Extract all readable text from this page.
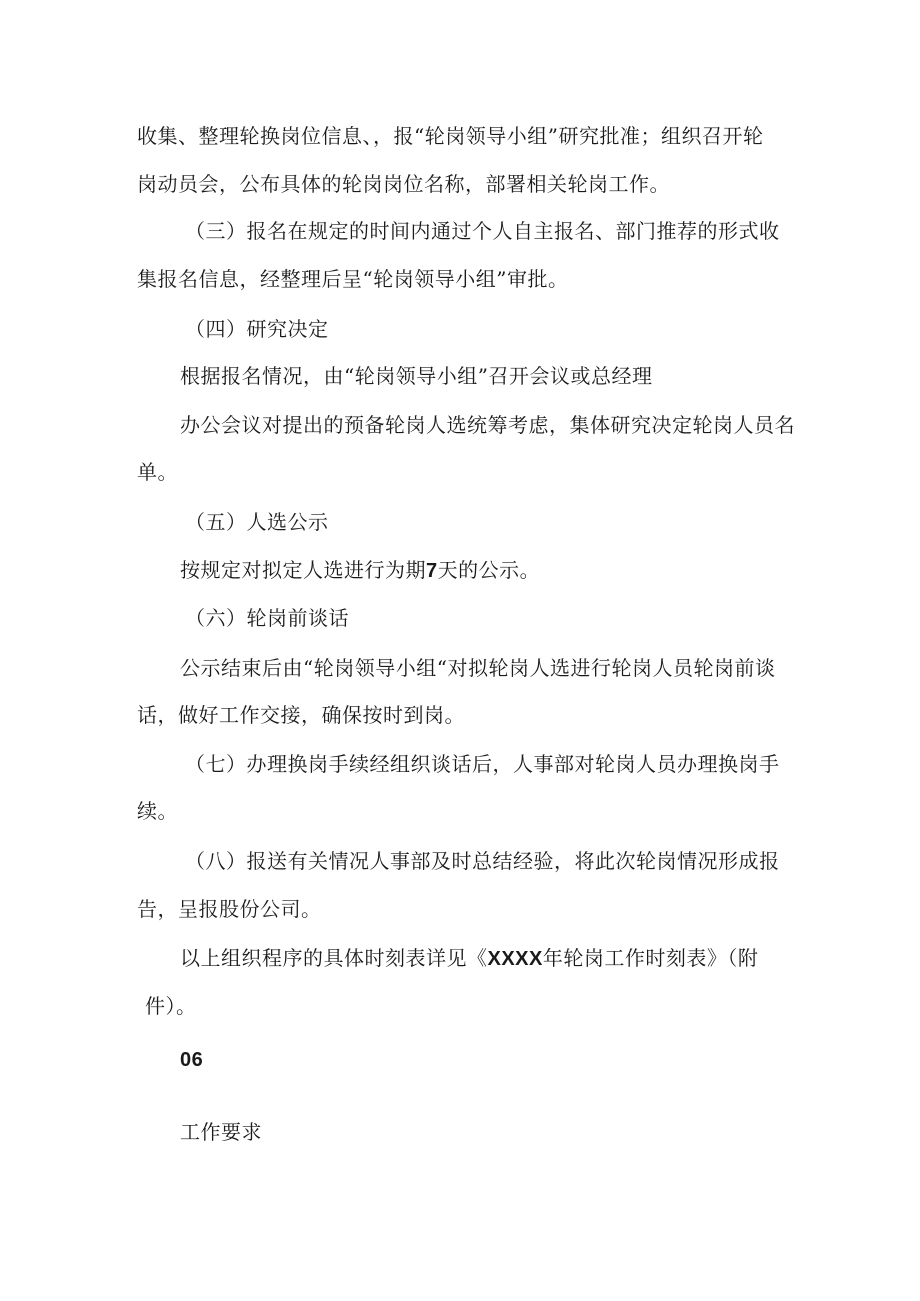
收集、整理轮换岗位信息、，报“轮岗领导小组”研究批准；组织召开轮
岗动员会，公布具体的轮岗岗位名称，部署相关轮岗工作。
（三）报名在规定的时间内通过个人自主报名、部门推荐的形式收
集报名信息，经整理后呈“轮岗领导小组”审批。
（四）研究决定
根据报名情况，由“轮岗领导小组”召开会议或总经理
办公会议对提出的预备轮岗人选统筹考虑，集体研究决定轮岗人员名
单。
（五）人选公示
按规定对拟定人选进行为期7天的公示。
（六）轮岗前谈话
公示结束后由“轮岗领导小组“对拟轮岗人选进行轮岗人员轮岗前谈
话，做好工作交接，确保按时到岗。
（七）办理换岗手续经组织谈话后，人事部对轮岗人员办理换岗手
续。
（八）报送有关情况人事部及时总结经验，将此次轮岗情况形成报
告，呈报股份公司。
以上组织程序的具体时刻表详见《XXXX年轮岗工作时刻表》（附
件）。
06
工作要求
